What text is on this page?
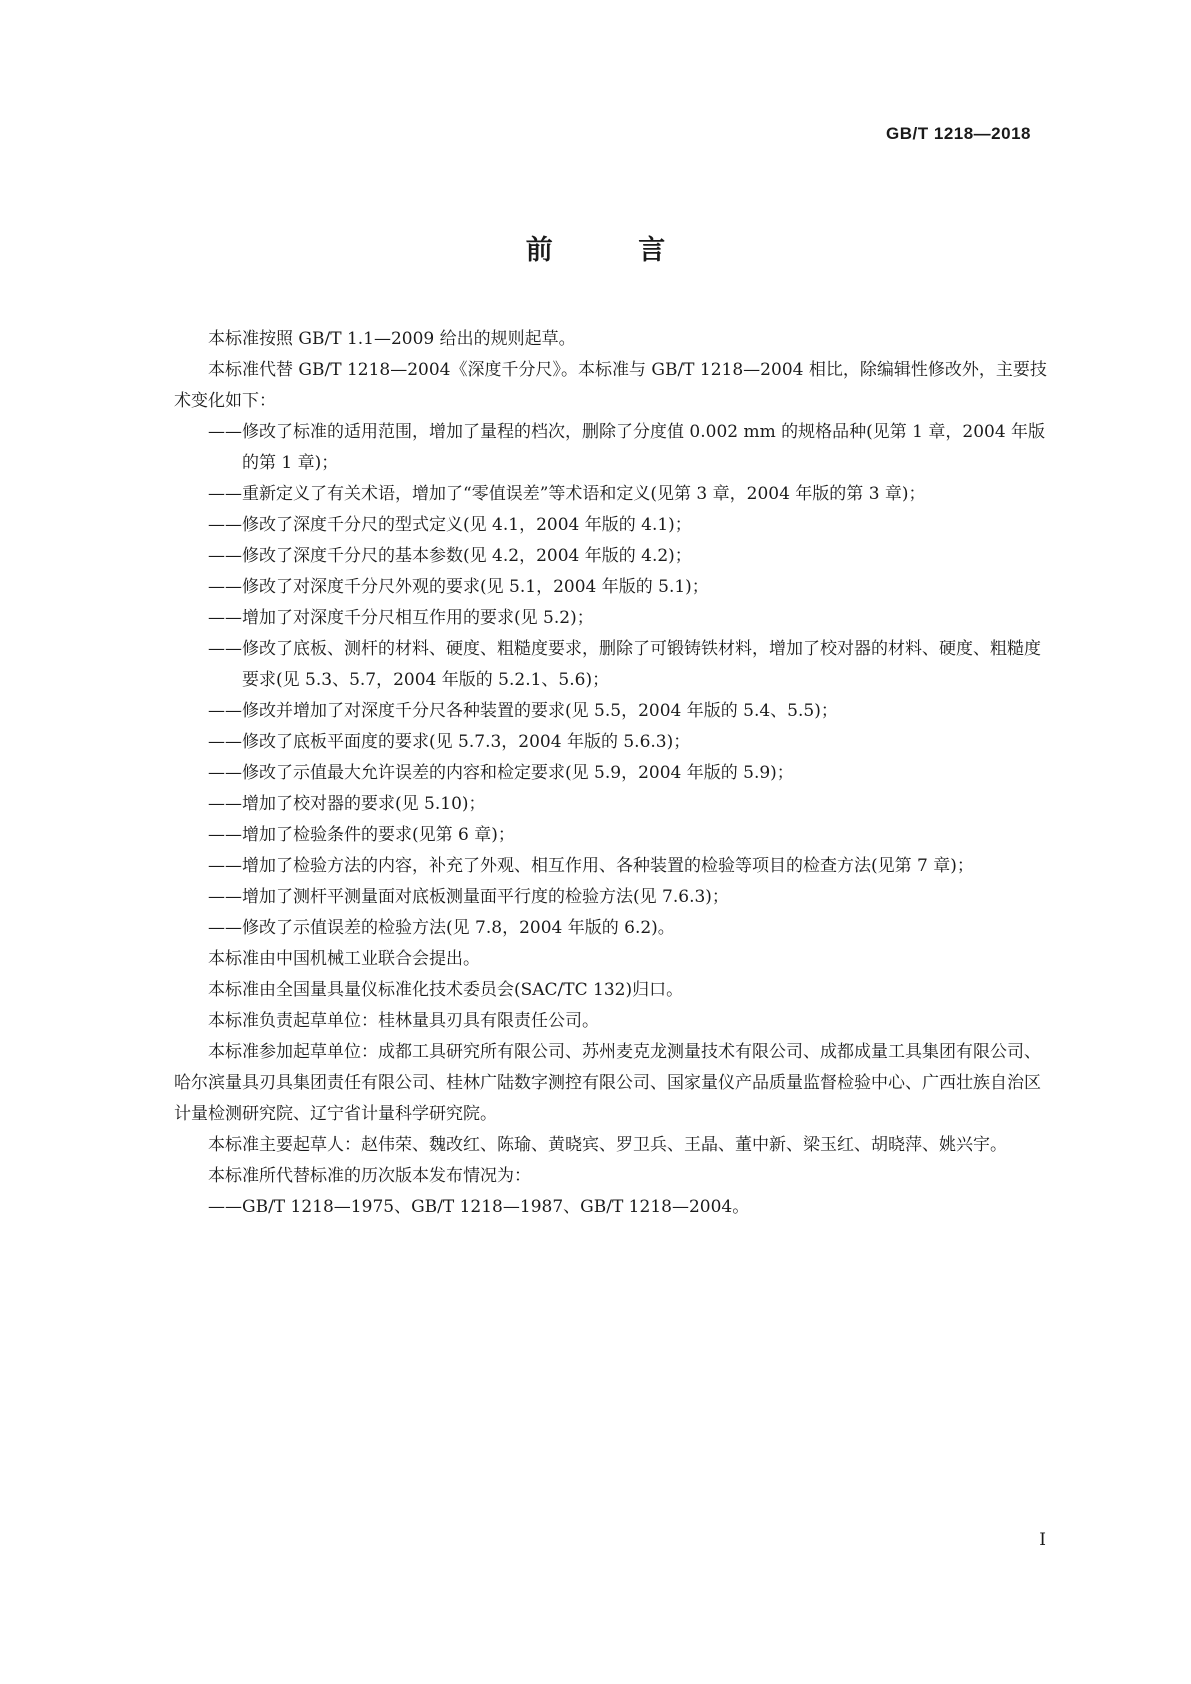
GB/T 1218—2018
前 言
本标准按照 GB/T 1.1—2009 给出的规则起草。
本标准代替 GB/T 1218—2004《深度千分尺》。本标准与 GB/T 1218—2004 相比，除编辑性修改外，主要技术变化如下：
——修改了标准的适用范围，增加了量程的档次，删除了分度值 0.002 mm 的规格品种(见第 1 章，2004 年版的第 1 章)；
——重新定义了有关术语，增加了“零值误差”等术语和定义(见第 3 章，2004 年版的第 3 章)；
——修改了深度千分尺的型式定义(见 4.1，2004 年版的 4.1)；
——修改了深度千分尺的基本参数(见 4.2，2004 年版的 4.2)；
——修改了对深度千分尺外观的要求(见 5.1，2004 年版的 5.1)；
——增加了对深度千分尺相互作用的要求(见 5.2)；
——修改了底板、测杆的材料、硬度、粗糙度要求，删除了可锻铸铁材料，增加了校对器的材料、硬度、粗糙度要求(见 5.3、5.7，2004 年版的 5.2.1、5.6)；
——修改并增加了对深度千分尺各种装置的要求(见 5.5，2004 年版的 5.4、5.5)；
——修改了底板平面度的要求(见 5.7.3，2004 年版的 5.6.3)；
——修改了示值最大允许误差的内容和检定要求(见 5.9，2004 年版的 5.9)；
——增加了校对器的要求(见 5.10)；
——增加了检验条件的要求(见第 6 章)；
——增加了检验方法的内容，补充了外观、相互作用、各种装置的检验等项目的检查方法(见第 7 章)；
——增加了测杆平测量面对底板测量面平行度的检验方法(见 7.6.3)；
——修改了示值误差的检验方法(见 7.8，2004 年版的 6.2)。
本标准由中国机械工业联合会提出。
本标准由全国量具量仪标准化技术委员会(SAC/TC 132)归口。
本标准负责起草单位：桂林量具刃具有限责任公司。
本标准参加起草单位：成都工具研究所有限公司、苏州麦克龙测量技术有限公司、成都成量工具集团有限公司、哈尔滨量具刃具集团责任有限公司、桂林广陆数字测控有限公司、国家量仪产品质量监督检验中心、广西壮族自治区计量检测研究院、辽宁省计量科学研究院。
本标准主要起草人：赵伟荣、魏改红、陈瑜、黄晓宾、罗卫兵、王晶、董中新、梁玉红、胡晓萍、姚兴宇。
本标准所代替标准的历次版本发布情况为：
——GB/T 1218—1975、GB/T 1218—1987、GB/T 1218—2004。
I
